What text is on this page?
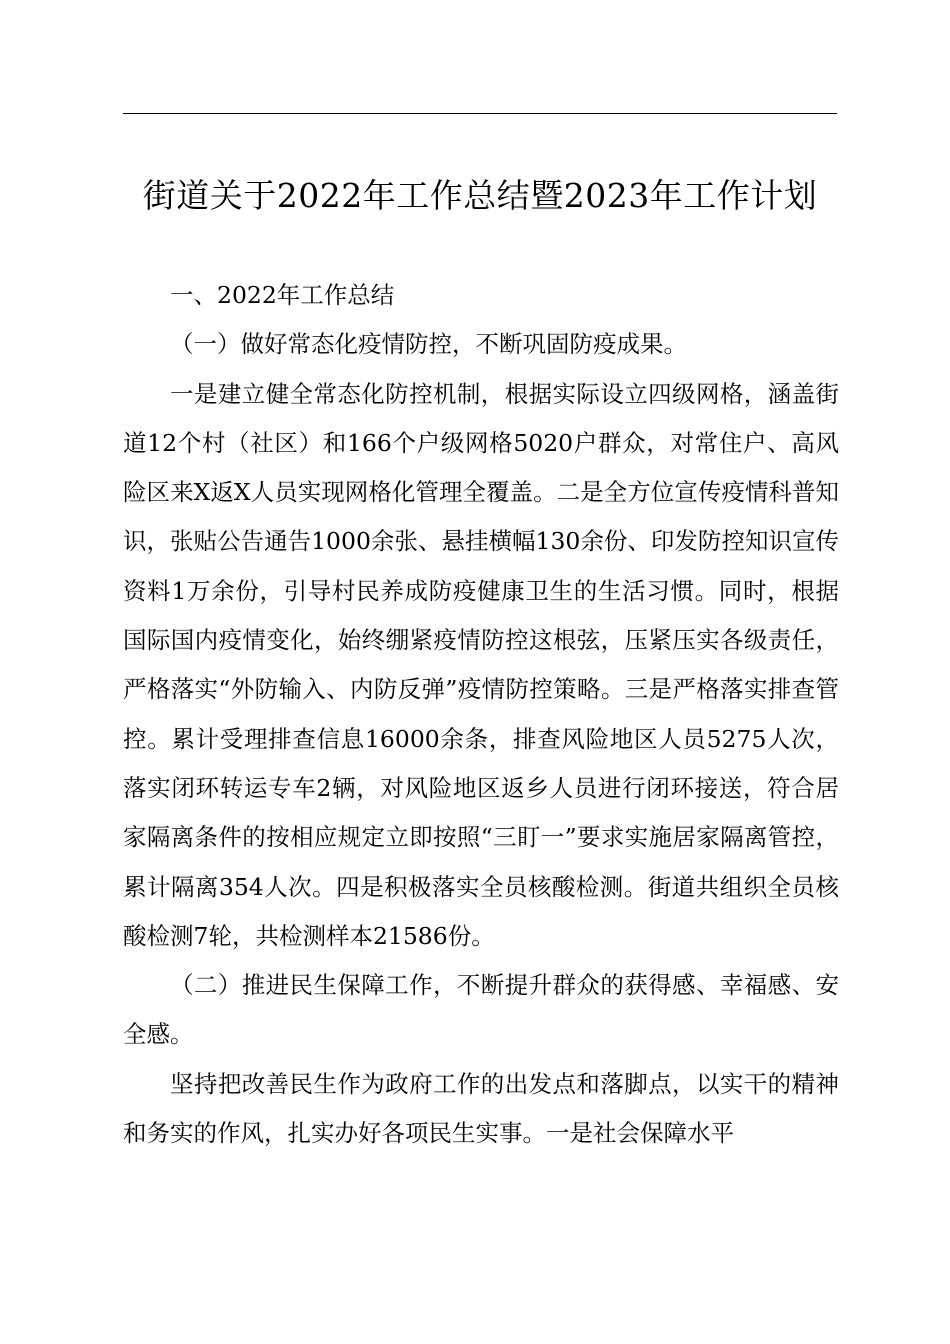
街道关于2022年工作总结暨2023年工作计划

一、2022年工作总结

（一）做好常态化疫情防控，不断巩固防疫成果。

一是建立健全常态化防控机制，根据实际设立四级网格，涵盖街道12个村（社区）和166个户级网格5020户群众，对常住户、高风险区来X返X人员实现网格化管理全覆盖。二是全方位宣传疫情科普知识，张贴公告通告1000余张、悬挂横幅130余份、印发防控知识宣传资料1万余份，引导村民养成防疫健康卫生的生活习惯。同时，根据国际国内疫情变化，始终绷紧疫情防控这根弦，压紧压实各级责任，严格落实“外防输入、内防反弹”疫情防控策略。三是严格落实排查管控。累计受理排查信息16000余条，排查风险地区人员5275人次，落实闭环转运专车2辆，对风险地区返乡人员进行闭环接送，符合居家隔离条件的按相应规定立即按照“三盯一”要求实施居家隔离管控，累计隔离354人次。四是积极落实全员核酸检测。街道共组织全员核酸检测7轮，共检测样本21586份。

（二）推进民生保障工作，不断提升群众的获得感、幸福感、安全感。

坚持把改善民生作为政府工作的出发点和落脚点，以实干的精神和务实的作风，扎实办好各项民生实事。一是社会保障水平
